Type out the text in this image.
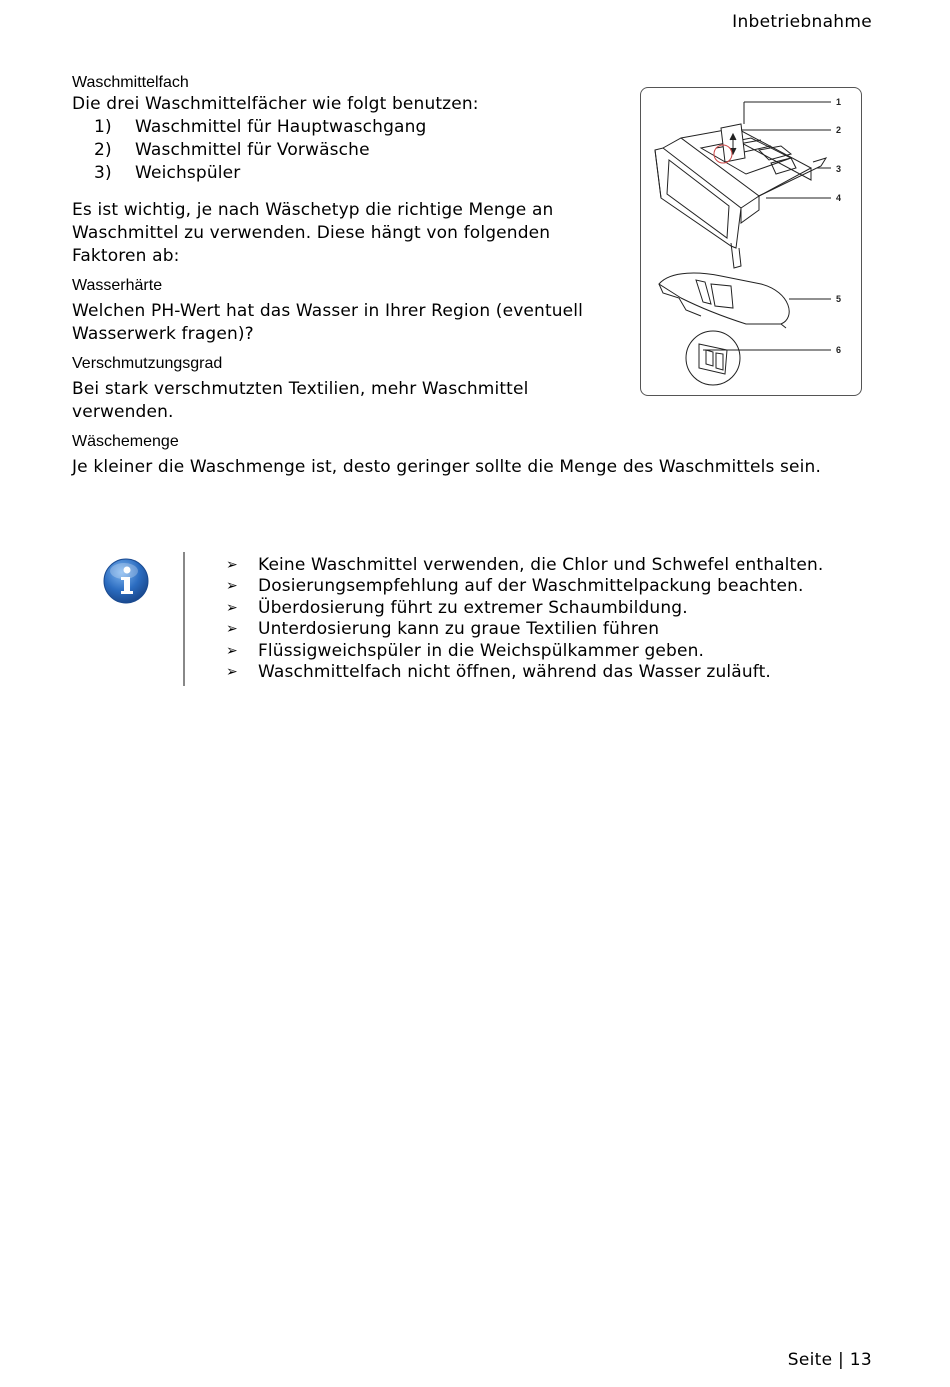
Inbetriebnahme

Waschmittelfach

Die drei Waschmittelfächer wie folgt benutzen:

1) Waschmittel für Hauptwaschgang
2) Waschmittel für Vorwäsche
3) Weichspüler

Es ist wichtig, je nach Wäschetyp die richtige Menge an

Waschmittel zu verwenden. Diese hängt von folgenden

Faktoren ab:

Wasserhärte

Welchen PH-Wert hat das Wasser in Ihrer Region (eventuell

Wasserwerk fragen)?

Verschmutzungsgrad

Bei stark verschmutzten Textilien, mehr Waschmittel

verwenden.

Wäschemenge

Je kleiner die Waschmenge ist, desto geringer sollte die Menge des Waschmittels sein.

1
2
3
4
5
6
➢ Keine Waschmittel verwenden, die Chlor und Schwefel enthalten.
➢ Dosierungsempfehlung auf der Waschmittelpackung beachten.
➢ Überdosierung führt zu extremer Schaumbildung.
➢ Unterdosierung kann zu graue Textilien führen
➢ Flüssigweichspüler in die Weichspülkammer geben.
➢ Waschmittelfach nicht öffnen, während das Wasser zuläuft.
Seite | 13
